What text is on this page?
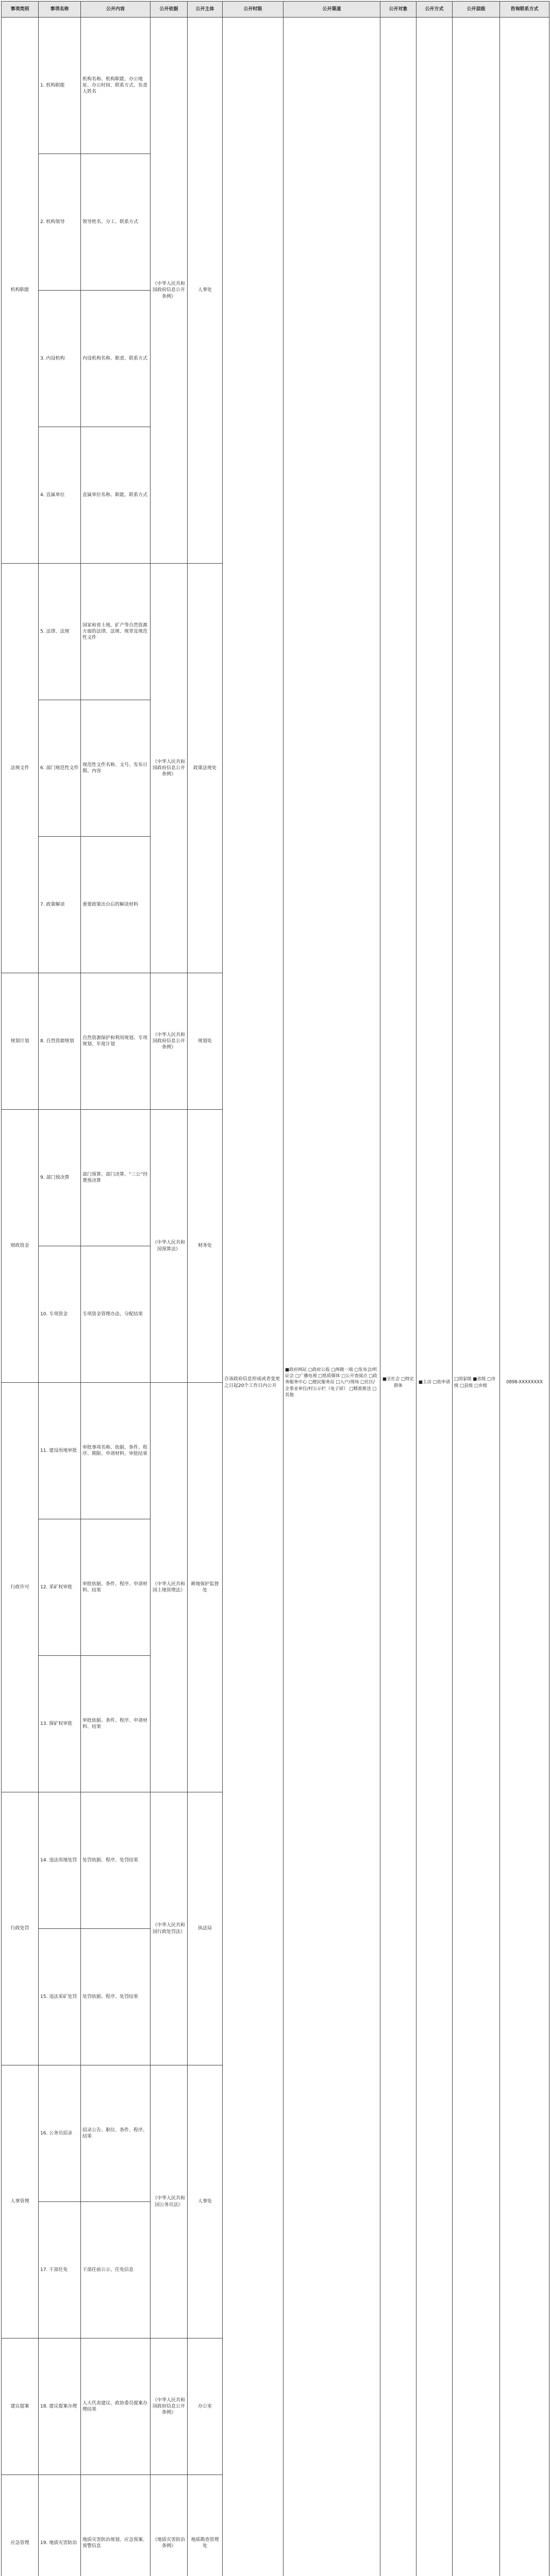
事项类别	事项名称	公开内容	公开依据	公开主体	公开时限	公开渠道	公开对象	公开方式	公开层级	咨询联系方式
机构职能	1. 机构职能	机构名称、机构职能、办公地址、办公时间、联系方式、负责人姓名	《中华人民共和国政府信息公开条例》	人事处	自该政府信息形成或者变更之日起20个工作日内公开	■政府网站 □政府公报 □两微一端 □发布会/听证会 □广播电视 □纸质媒体 □公开查阅点 □政务服务中心 □便民服务站 □入户/现场 □社区/企事业单位/村公示栏（电子屏） □精准推送 □其他	■全社会 □特定群体	■主动 □依申请	□国家级 ■省级 □市级 □县级 □乡级	0898-XXXXXXXX
	2. 机构领导	领导姓名、分工、联系方式								
	3. 内设机构	内设机构名称、职责、联系方式								
	4. 直属单位	直属单位名称、职能、联系方式								
法规文件	5. 法律、法规	国家和省土地、矿产等自然资源方面的法律、法规、规章及规范性文件	《中华人民共和国政府信息公开条例》	政策法规处						
	6. 部门规范性文件	规范性文件名称、文号、发布日期、内容								
	7. 政策解读	重要政策出台后的解读材料								
规划计划	8. 自然资源规划	自然资源保护和利用规划、专项规划、年度计划	《中华人民共和国政府信息公开条例》	规划处						
财政资金	9. 部门预决算	部门预算、部门决算、“三公”经费预决算	《中华人民共和国预算法》	财务处						
	10. 专项资金	专项资金管理办法、分配结果								
行政许可	11. 建设用地审批	审批事项名称、依据、条件、程序、期限、申请材料、审批结果	《中华人民共和国土地管理法》	耕地保护监督处						
	12. 采矿权审批	审批依据、条件、程序、申请材料、结果								
	13. 探矿权审批	审批依据、条件、程序、申请材料、结果								
行政处罚	14. 违法用地处罚	处罚依据、程序、处罚结果	《中华人民共和国行政处罚法》	执法局						
	15. 违法采矿处罚	处罚依据、程序、处罚结果								
人事管理	16. 公务员招录	招录公告、职位、条件、程序、结果	《中华人民共和国公务员法》	人事处						
	17. 干部任免	干部任前公示、任免信息								
建议提案	18. 建议提案办理	人大代表建议、政协委员提案办理结果	《中华人民共和国政府信息公开条例》	办公室						
应急管理	19. 地质灾害防治	地质灾害防治规划、应急预案、预警信息	《地质灾害防治条例》	地质勘查管理处						
